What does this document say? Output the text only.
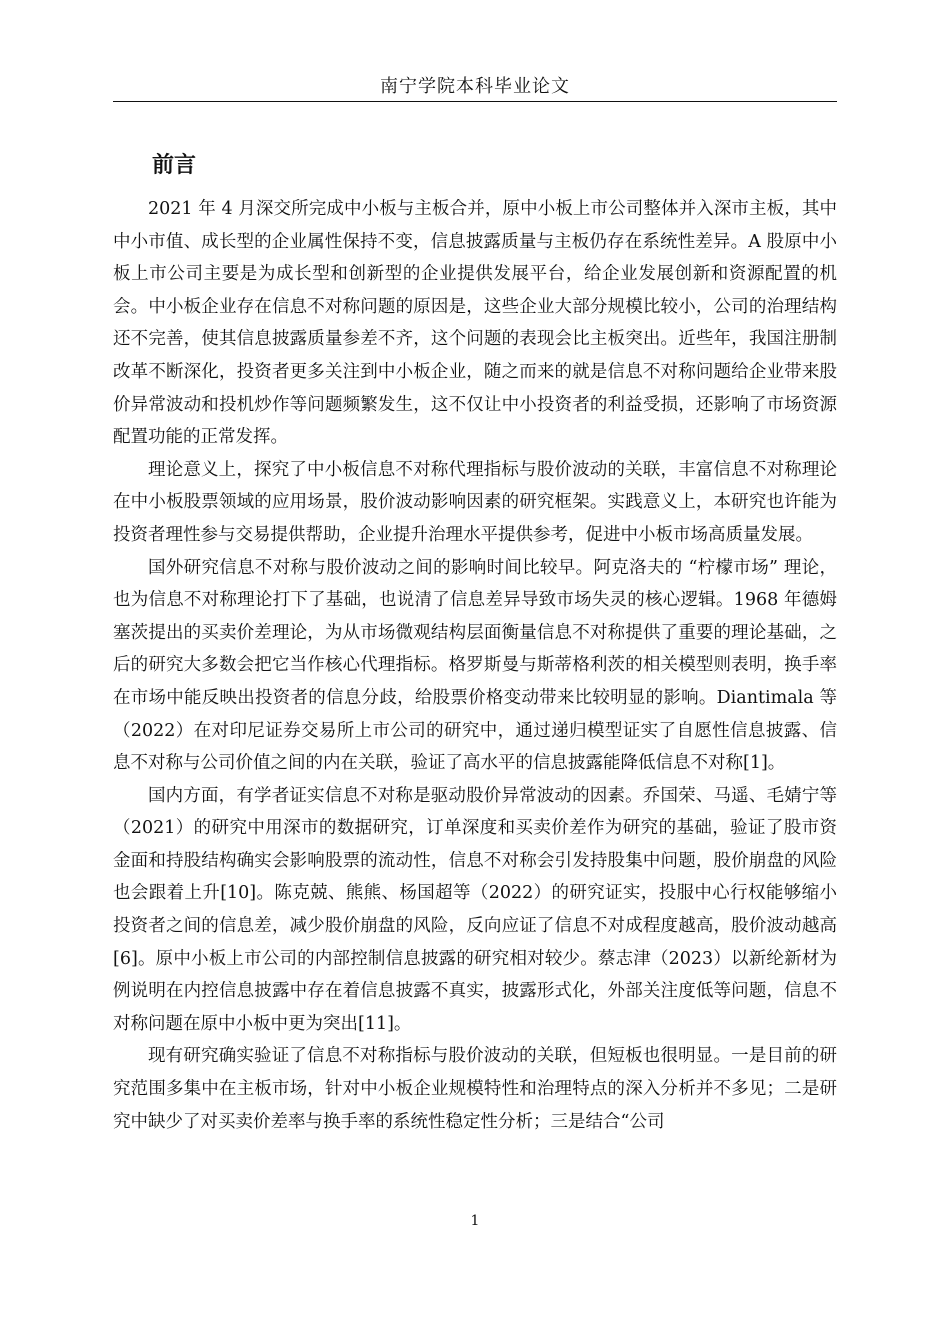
南宁学院本科毕业论文
前言

2021 年 4 月深交所完成中小板与主板合并，原中小板上市公司整体并入深市主板，其中中小市值、成长型的企业属性保持不变，信息披露质量与主板仍存在系统性差异。A 股原中小板上市公司主要是为成长型和创新型的企业提供发展平台，给企业发展创新和资源配置的机会。中小板企业存在信息不对称问题的原因是，这些企业大部分规模比较小，公司的治理结构还不完善，使其信息披露质量参差不齐，这个问题的表现会比主板突出。近些年，我国注册制改革不断深化，投资者更多关注到中小板企业，随之而来的就是信息不对称问题给企业带来股价异常波动和投机炒作等问题频繁发生，这不仅让中小投资者的利益受损，还影响了市场资源配置功能的正常发挥。

理论意义上，探究了中小板信息不对称代理指标与股价波动的关联，丰富信息不对称理论在中小板股票领域的应用场景，股价波动影响因素的研究框架。实践意义上，本研究也许能为投资者理性参与交易提供帮助，企业提升治理水平提供参考，促进中小板市场高质量发展。

国外研究信息不对称与股价波动之间的影响时间比较早。阿克洛夫的 “柠檬市场” 理论，也为信息不对称理论打下了基础，也说清了信息差异导致市场失灵的核心逻辑。1968 年德姆塞茨提出的买卖价差理论，为从市场微观结构层面衡量信息不对称提供了重要的理论基础，之后的研究大多数会把它当作核心代理指标。格罗斯曼与斯蒂格利茨的相关模型则表明，换手率在市场中能反映出投资者的信息分歧，给股票价格变动带来比较明显的影响。Diantimala 等（2022）在对印尼证券交易所上市公司的研究中，通过递归模型证实了自愿性信息披露、信息不对称与公司价值之间的内在关联，验证了高水平的信息披露能降低信息不对称[1]。

国内方面，有学者证实信息不对称是驱动股价异常波动的因素。乔国荣、马遥、毛婧宁等（2021）的研究中用深市的数据研究，订单深度和买卖价差作为研究的基础，验证了股市资金面和持股结构确实会影响股票的流动性，信息不对称会引发持股集中问题，股价崩盘的风险也会跟着上升[10]。陈克兢、熊熊、杨国超等（2022）的研究证实，投服中心行权能够缩小投资者之间的信息差，减少股价崩盘的风险，反向应证了信息不对成程度越高，股价波动越高[6]。原中小板上市公司的内部控制信息披露的研究相对较少。蔡志津（2023）以新纶新材为例说明在内控信息披露中存在着信息披露不真实，披露形式化，外部关注度低等问题，信息不对称问题在原中小板中更为突出[11]。

现有研究确实验证了信息不对称指标与股价波动的关联，但短板也很明显。一是目前的研究范围多集中在主板市场，针对中小板企业规模特性和治理特点的深入分析并不多见；二是研究中缺少了对买卖价差率与换手率的系统性稳定性分析；三是结合“公司

1
